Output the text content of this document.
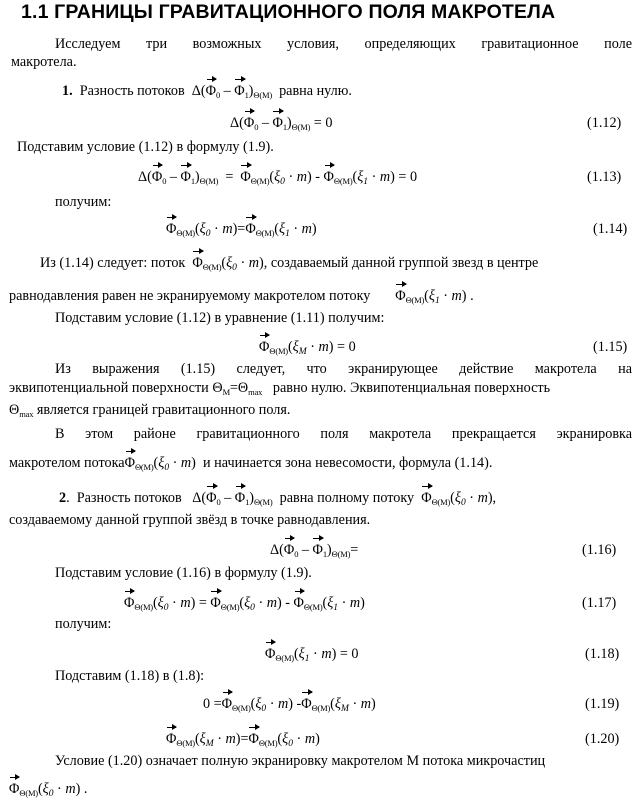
1.1 ГРАНИЦЫ ГРАВИТАЦИОННОГО ПОЛЯ МАКРОТЕЛА
Исследуем три возможных условия, определяющих гравитационное поле
макротела.
1. Разность потоков $\Delta(\Phi_0 - \Phi_1)_{\Theta(M)}$ равна нулю.
$\Delta(\Phi_0 - \Phi_1)_{\Theta(M)} = 0$	(1.12)
Подставим условие (1.12) в формулу (1.9).
$\Delta(\Phi_0 - \Phi_1)_{\Theta(M)} = \Phi_{\Theta(M)}(\xi_0 \cdot m) - \Phi_{\Theta(M)}(\xi_1 \cdot m) = 0$	(1.13)
получим:
$\Phi_{\Theta(M)}(\xi_0 \cdot m)=\Phi_{\Theta(M)}(\xi_1 \cdot m)$	(1.14)
Из (1.14) следует: поток $\Phi_{\Theta(M)}(\xi_0 \cdot m)$, создаваемый данной группой звезд в центре
равнодавления равен не экранируемому макротелом потоку $\Phi_{\Theta(M)}(\xi_1 \cdot m)$ .
Подставим условие (1.12) в уравнение (1.11) получим:
$\Phi_{\Theta(M)}(\xi_M \cdot m) = 0$	(1.15)
Из выражения (1.15) следует, что экранирующее действие макротела на
эквипотенциальной поверхности $\Theta_M=\Theta_{max}$ равно нулю. Эквипотенциальная поверхность
$\Theta_{max}$ является границей гравитационного поля.
В этом районе гравитационного поля макротела прекращается экранировка
макротелом $потока\Phi_{\Theta(M)}(\xi_0 \cdot m)$ и начинается зона невесомости, формула (1.14).
2. Разность потоков $\Delta(\Phi_0 - \Phi_1)_{\Theta(M)}$ равна полному потоку $\Phi_{\Theta(M)}(\xi_0 \cdot m)$,
создаваемому данной группой звёзд в точке равнодавления.
$\Delta(\Phi_0 - \Phi_1)_{\Theta(M)}=$	(1.16)
Подставим условие (1.16) в формулу (1.9).
$\Phi_{\Theta(M)}(\xi_0 \cdot m) = \Phi_{\Theta(M)}(\xi_0 \cdot m) - \Phi_{\Theta(M)}(\xi_1 \cdot m)$	(1.17)
получим:
$\Phi_{\Theta(M)}(\xi_1 \cdot m) = 0$	(1.18)
Подставим (1.18) в (1.8):
$0 =\Phi_{\Theta(M)}(\xi_0 \cdot m) -\Phi_{\Theta(M)}(\xi_M \cdot m)$	(1.19)
$\Phi_{\Theta(M)}(\xi_M \cdot m)=\Phi_{\Theta(M)}(\xi_0 \cdot m)$	(1.20)
Условие (1.20) означает полную экранировку макротелом М потока микрочастиц
$\Phi_{\Theta(M)}(\xi_0 \cdot m)$ .
